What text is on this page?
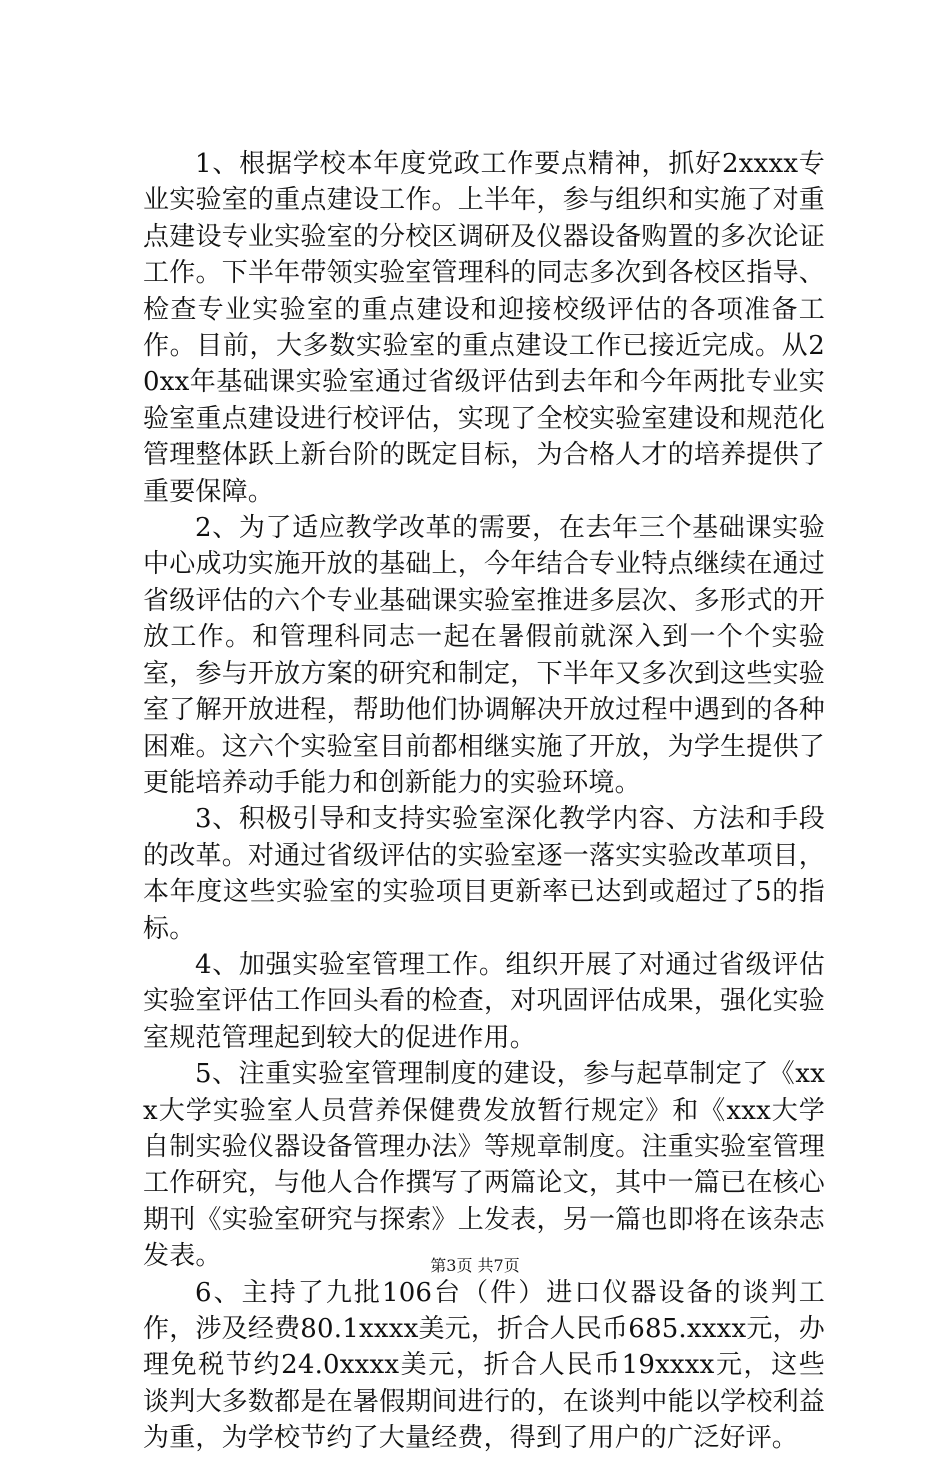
1、根据学校本年度党政工作要点精神，抓好2xxxx专业实验室的重点建设工作。上半年，参与组织和实施了对重点建设专业实验室的分校区调研及仪器设备购置的多次论证工作。下半年带领实验室管理科的同志多次到各校区指导、检查专业实验室的重点建设和迎接校级评估的各项准备工作。目前，大多数实验室的重点建设工作已接近完成。从20xx年基础课实验室通过省级评估到去年和今年两批专业实验室重点建设进行校评估，实现了全校实验室建设和规范化管理整体跃上新台阶的既定目标，为合格人才的培养提供了重要保障。

2、为了适应教学改革的需要，在去年三个基础课实验中心成功实施开放的基础上，今年结合专业特点继续在通过省级评估的六个专业基础课实验室推进多层次、多形式的开放工作。和管理科同志一起在暑假前就深入到一个个实验室，参与开放方案的研究和制定，下半年又多次到这些实验室了解开放进程，帮助他们协调解决开放过程中遇到的各种困难。这六个实验室目前都相继实施了开放，为学生提供了更能培养动手能力和创新能力的实验环境。

3、积极引导和支持实验室深化教学内容、方法和手段的改革。对通过省级评估的实验室逐一落实实验改革项目，本年度这些实验室的实验项目更新率已达到或超过了5的指标。

4、加强实验室管理工作。组织开展了对通过省级评估实验室评估工作回头看的检查，对巩固评估成果，强化实验室规范管理起到较大的促进作用。

5、注重实验室管理制度的建设，参与起草制定了《xxx大学实验室人员营养保健费发放暂行规定》和《xxx大学自制实验仪器设备管理办法》等规章制度。注重实验室管理工作研究，与他人合作撰写了两篇论文，其中一篇已在核心期刊《实验室研究与探索》上发表，另一篇也即将在该杂志发表。

6、主持了九批106台（件）进口仪器设备的谈判工作，涉及经费80.1xxxx美元，折合人民币685.xxxx元，办理免税节约24.0xxxx美元，折合人民币19xxxx元，这些谈判大多数都是在暑假期间进行的，在谈判中能以学校利益为重，为学校节约了大量经费，得到了用户的广泛好评。

第3页 共7页
